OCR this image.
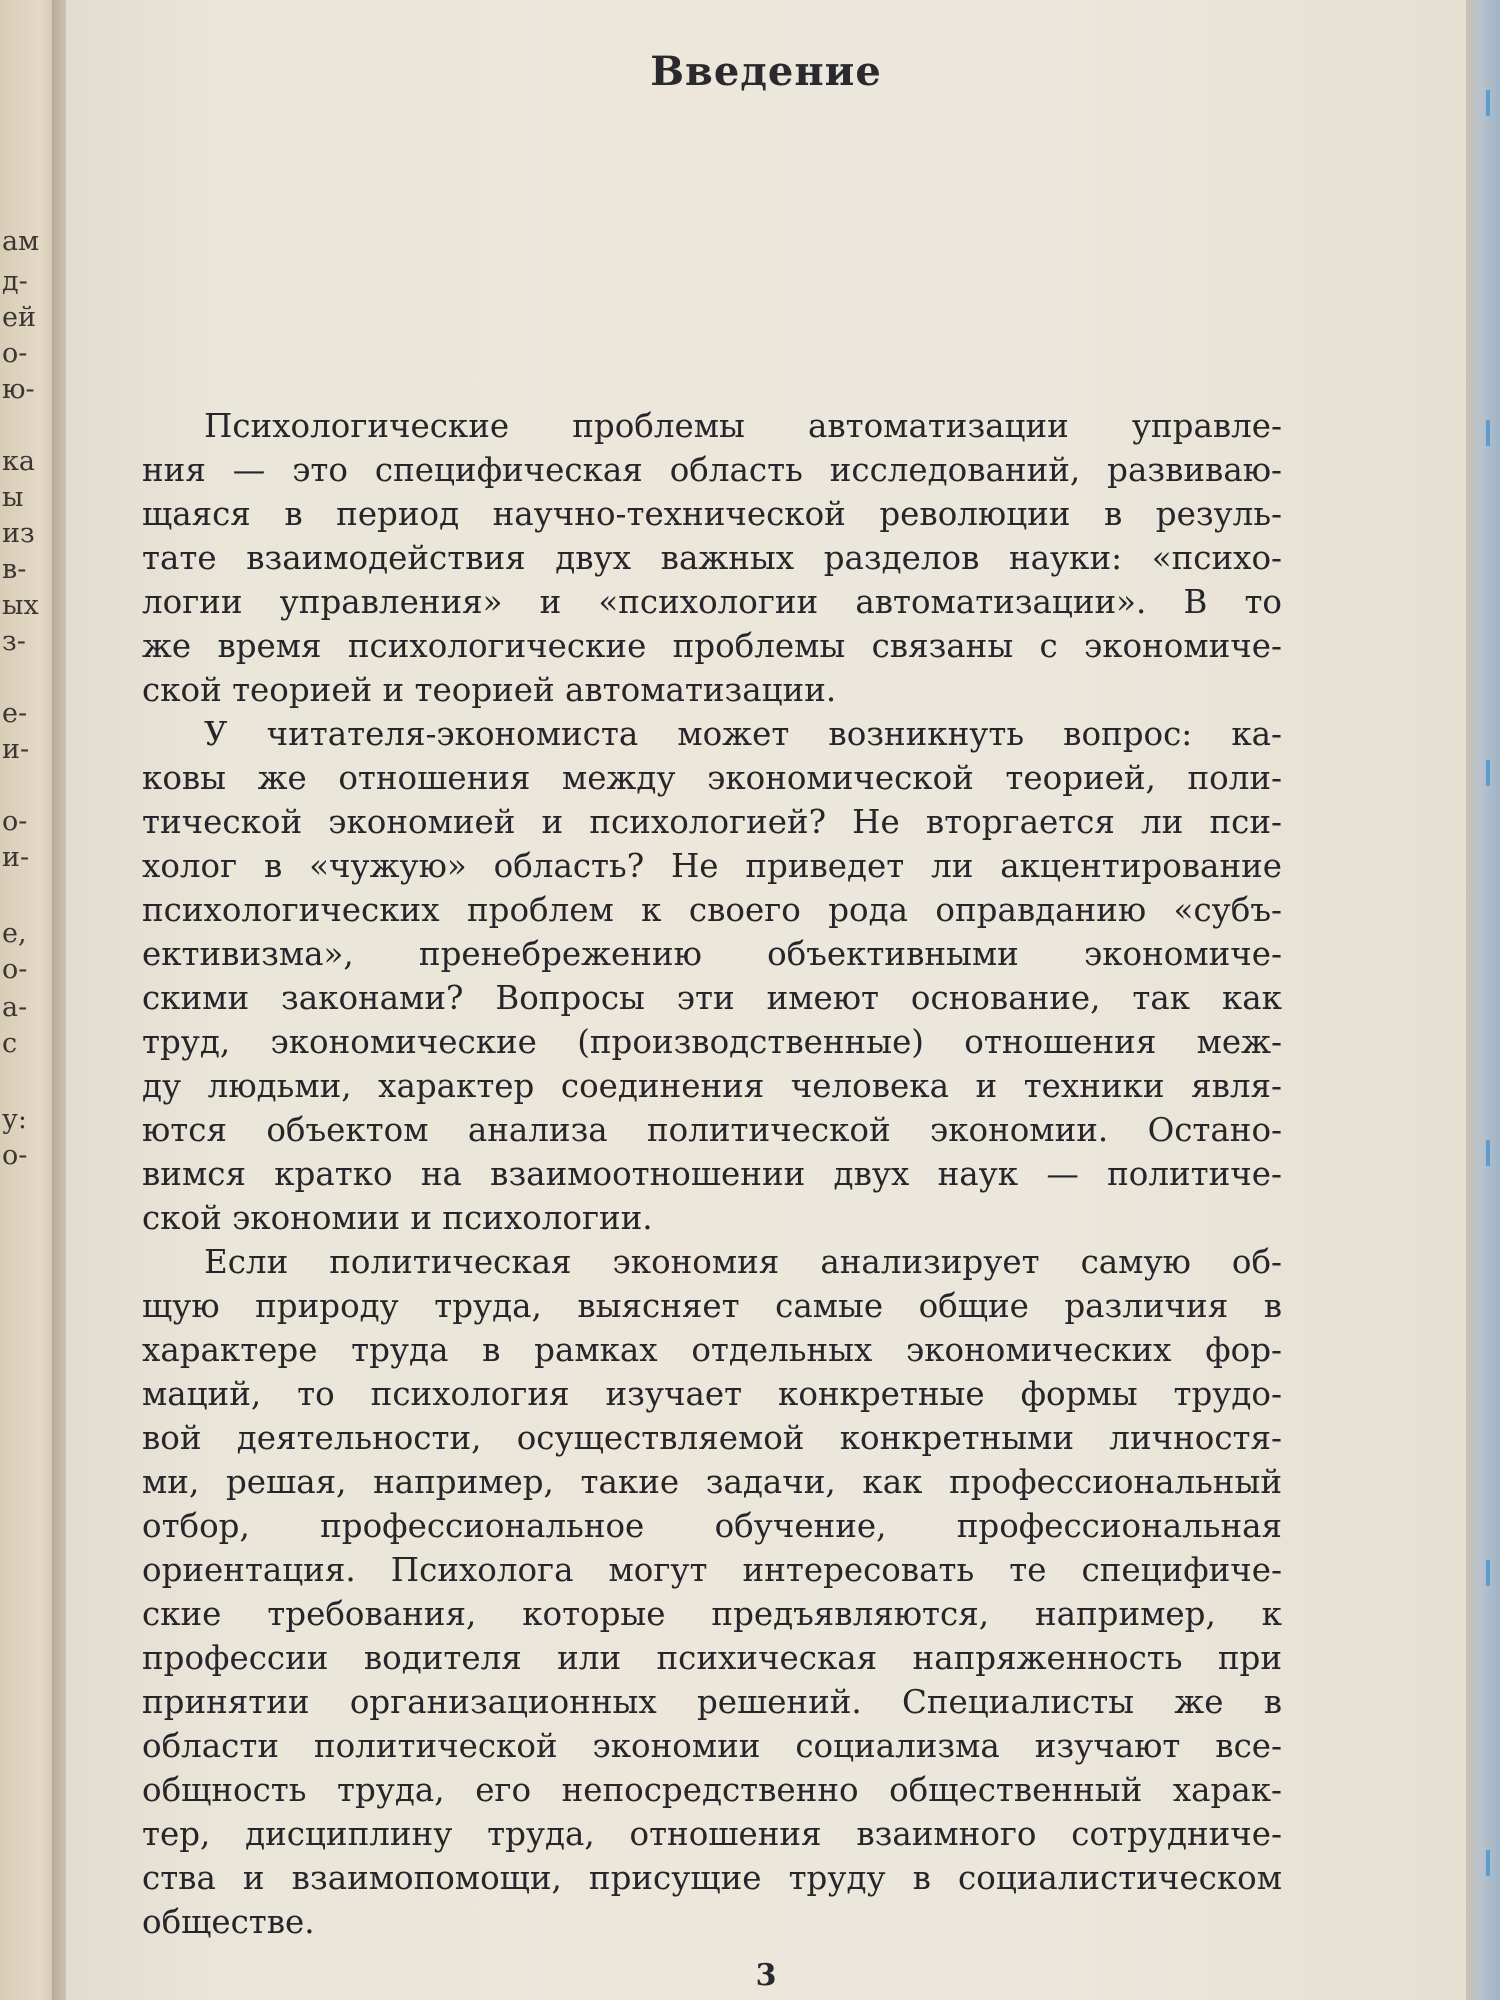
ам
д-
ей
о-
ю-
ка
ы
из
в-
ых
з-
е-
и-
о-
и-
е,
о-
а-
с
у:
о-
Введение

Психологические проблемы автоматизации управле-
ния — это специфическая область исследований, развиваю-
щаяся в период научно-технической революции в резуль-
тате взаимодействия двух важных разделов науки: «психо-
логии управления» и «психологии автоматизации». В то
же время психологические проблемы связаны с экономиче-
ской теорией и теорией автоматизации.

У читателя-экономиста может возникнуть вопрос: ка-
ковы же отношения между экономической теорией, поли-
тической экономией и психологией? Не вторгается ли пси-
холог в «чужую» область? Не приведет ли акцентирование
психологических проблем к своего рода оправданию «субъ-
ективизма», пренебрежению объективными экономиче-
скими законами? Вопросы эти имеют основание, так как
труд, экономические (производственные) отношения меж-
ду людьми, характер соединения человека и техники явля-
ются объектом анализа политической экономии. Остано-
вимся кратко на взаимоотношении двух наук — политиче-
ской экономии и психологии.

Если политическая экономия анализирует самую об-
щую природу труда, выясняет самые общие различия в
характере труда в рамках отдельных экономических фор-
маций, то психология изучает конкретные формы трудо-
вой деятельности, осуществляемой конкретными личностя-
ми, решая, например, такие задачи, как профессиональный
отбор, профессиональное обучение, профессиональная
ориентация. Психолога могут интересовать те специфиче-
ские требования, которые предъявляются, например, к
профессии водителя или психическая напряженность при
принятии организационных решений. Специалисты же в
области политической экономии социализма изучают все-
общность труда, его непосредственно общественный харак-
тер, дисциплину труда, отношения взаимного сотрудниче-
ства и взаимопомощи, присущие труду в социалистическом
обществе.

3
